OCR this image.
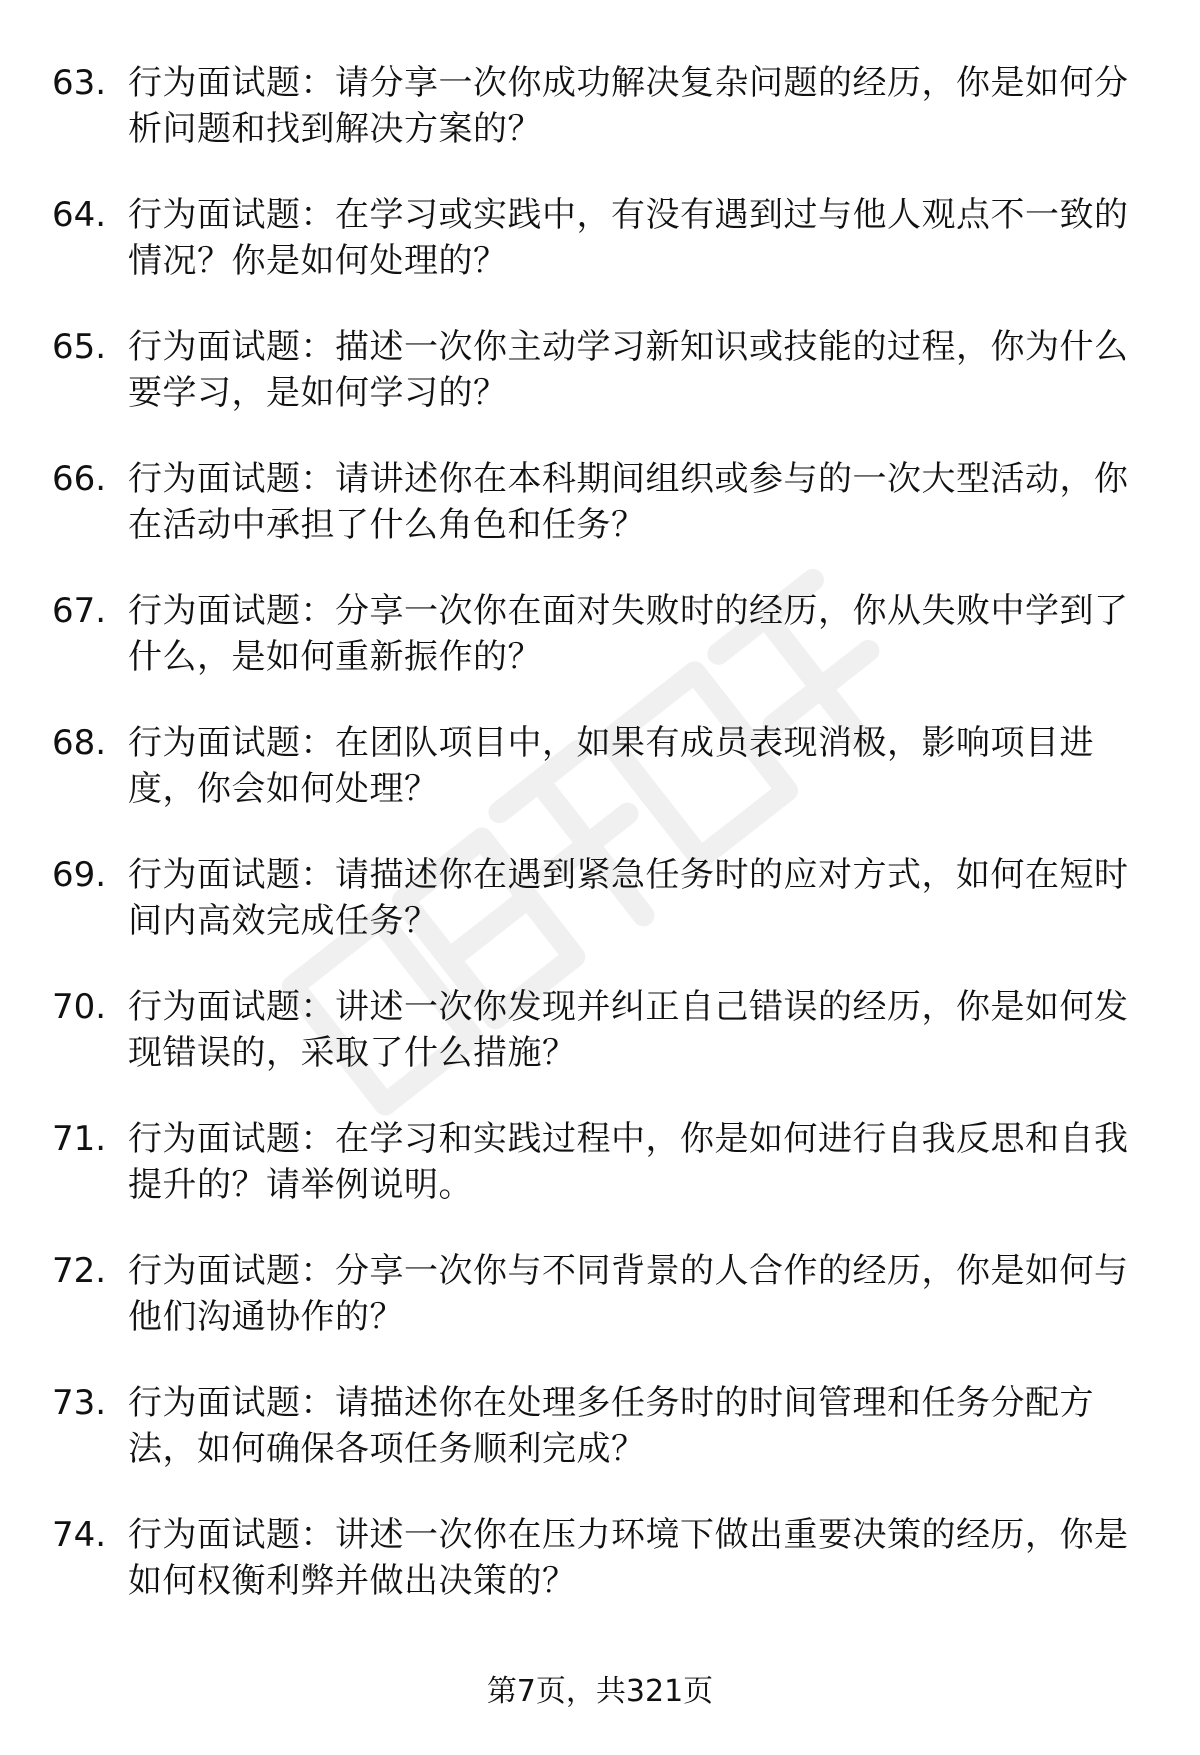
63. 行为面试题：请分享一次你成功解决复杂问题的经历，你是如何分析问题和找到解决方案的？
64. 行为面试题：在学习或实践中，有没有遇到过与他人观点不一致的情况？你是如何处理的？
65. 行为面试题：描述一次你主动学习新知识或技能的过程，你为什么要学习，是如何学习的？
66. 行为面试题：请讲述你在本科期间组织或参与的一次大型活动，你在活动中承担了什么角色和任务？
67. 行为面试题：分享一次你在面对失败时的经历，你从失败中学到了什么，是如何重新振作的？
68. 行为面试题：在团队项目中，如果有成员表现消极，影响项目进度，你会如何处理？
69. 行为面试题：请描述你在遇到紧急任务时的应对方式，如何在短时间内高效完成任务？
70. 行为面试题：讲述一次你发现并纠正自己错误的经历，你是如何发现错误的，采取了什么措施？
71. 行为面试题：在学习和实践过程中，你是如何进行自我反思和自我提升的？请举例说明。
72. 行为面试题：分享一次你与不同背景的人合作的经历，你是如何与他们沟通协作的？
73. 行为面试题：请描述你在处理多任务时的时间管理和任务分配方法，如何确保各项任务顺利完成？
74. 行为面试题：讲述一次你在压力环境下做出重要决策的经历，你是如何权衡利弊并做出决策的？
第7页，共321页
